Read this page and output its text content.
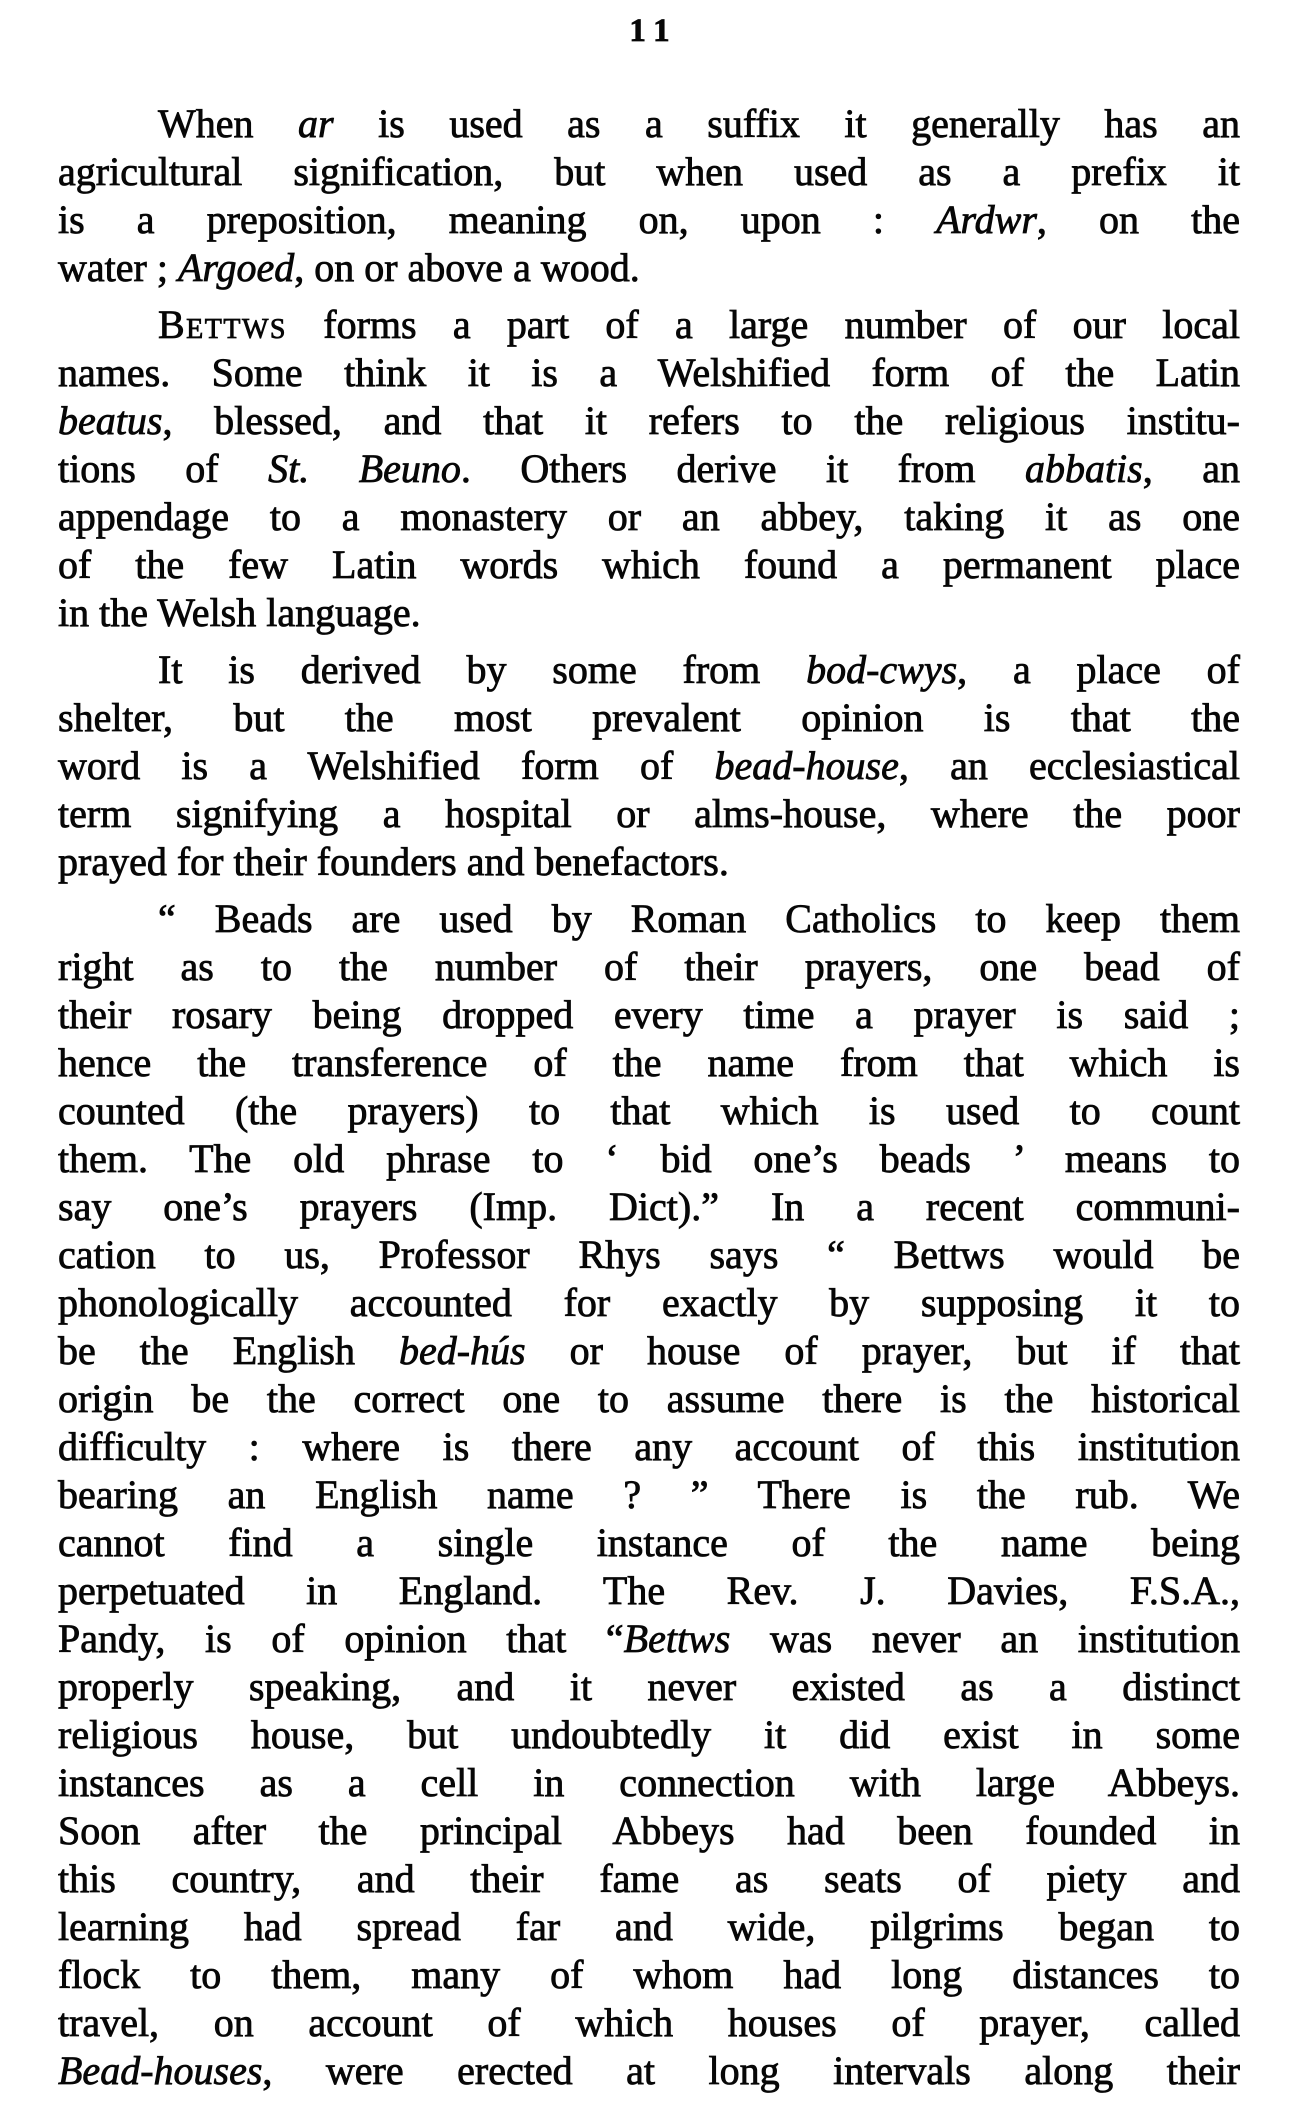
11
When ar is used as a suffix it generally has an
agricultural signification, but when used as a prefix it
is a preposition, meaning on, upon : Ardwr, on the
water ; Argoed, on or above a wood.
Bettws forms a part of a large number of our local
names. Some think it is a Welshified form of the Latin
beatus, blessed, and that it refers to the religious institu-
tions of St. Beuno. Others derive it from abbatis, an
appendage to a monastery or an abbey, taking it as one
of the few Latin words which found a permanent place
in the Welsh language.
It is derived by some from bod-cwys, a place of
shelter, but the most prevalent opinion is that the
word is a Welshified form of bead-house, an ecclesiastical
term signifying a hospital or alms-house, where the poor
prayed for their founders and benefactors.
“ Beads are used by Roman Catholics to keep them
right as to the number of their prayers, one bead of
their rosary being dropped every time a prayer is said ;
hence the transference of the name from that which is
counted (the prayers) to that which is used to count
them. The old phrase to ‘ bid one’s beads ’ means to
say one’s prayers (Imp. Dict).” In a recent communi-
cation to us, Professor Rhys says “ Bettws would be
phonologically accounted for exactly by supposing it to
be the English bed-hús or house of prayer, but if that
origin be the correct one to assume there is the historical
difficulty : where is there any account of this institution
bearing an English name ? ” There is the rub. We
cannot find a single instance of the name being
perpetuated in England. The Rev. J. Davies, F.S.A.,
Pandy, is of opinion that “Bettws was never an institution
properly speaking, and it never existed as a distinct
religious house, but undoubtedly it did exist in some
instances as a cell in connection with large Abbeys.
Soon after the principal Abbeys had been founded in
this country, and their fame as seats of piety and
learning had spread far and wide, pilgrims began to
flock to them, many of whom had long distances to
travel, on account of which houses of prayer, called
Bead-houses, were erected at long intervals along their
